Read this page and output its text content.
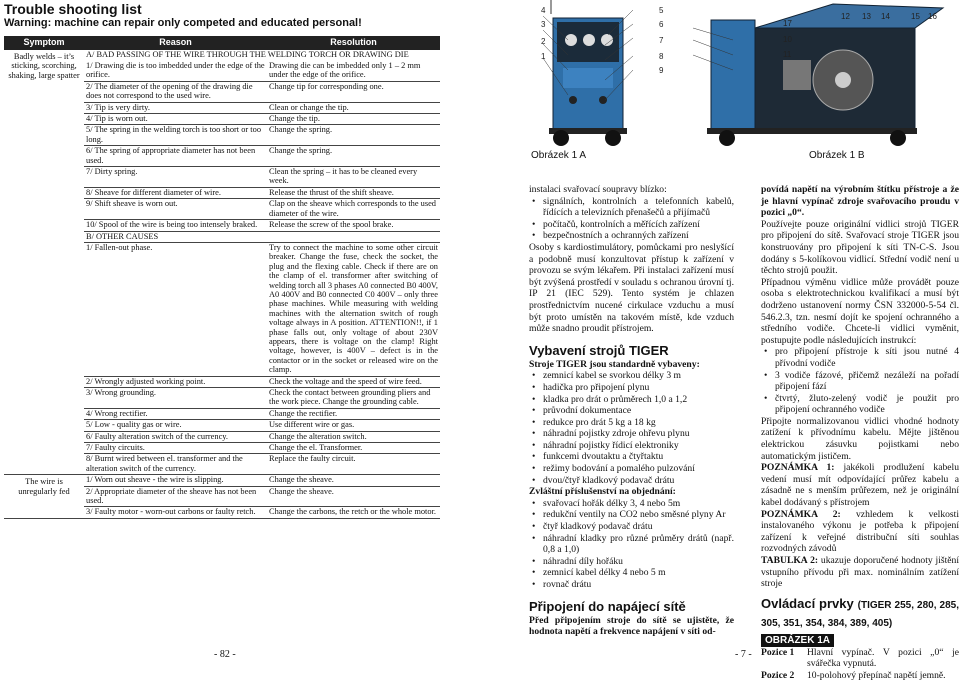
Trouble shooting list
Warning: machine can repair only competed and educated personal!
Symptom	Reason	Resolution
Badly welds – it’s sticking, scorching, shaking, large spatter	A/ BAD PASSING OF THE WIRE THROUGH THE WELDING TORCH OR DRAWING DIE
	1/ Drawing die is too imbedded under the edge of the orifice.	Drawing die can be imbedded only 1 – 2 mm under the edge of the orifice.
	2/ The diameter of the opening of the drawing die does not correspond to the used wire.	Change tip for corresponding one.
	3/ Tip is very dirty.	Clean or change the tip.
	4/ Tip is worn out.	Change the tip.
	5/ The spring in the welding torch is too short or too long.	Change the spring.
	6/ The spring of appropriate diameter has not been used.	Change the spring.
	7/ Dirty spring.	Clean the spring – it has to be cleaned every week.
	8/ Sheave for different diameter of wire.	Release the thrust of the shift sheave.
	9/ Shift sheave is worn out.	Clap on the sheave which corresponds to the used diameter of the wire.
	10/ Spool of the wire is being too intensely braked.	Release the screw of the spool brake.
	B/ OTHER CAUSES
	1/ Fallen-out phase.	Try to connect the machine to some other circuit breaker. Change the fuse, check the socket, the plug and the flexing cable. Check if there are on the clamp of el. transformer after switching of welding torch all 3 phases A0 connected B0 400V, A0 400V and B0 connected C0 400V – only three phase machines. While measuring with welding machines with the alternation switch of rough voltage always in A position. ATTENTION!!, if 1 phase falls out, only voltage of about 230V appears, there is voltage on the clamp! Right voltage, however, is 400V – defect is in the contactor or in the socket or released wire on the clamp.
	2/ Wrongly adjusted working point.	Check the voltage and the speed of wire feed.
	3/ Wrong grounding.	Check the contact between grounding pliers and the work piece. Change the grounding cable.
	4/ Wrong rectifier.	Change the rectifier.
	5/ Low - quality gas or wire.	Use different wire or gas.
	6/ Faulty alteration switch of the currency.	Change the alteration switch.
	7/ Faulty circuits.	Change the el. Transformer.
	8/ Burnt wired between el. transformer and the alteration switch of the currency.	Replace the faulty circuit.
The wire is unregularly fed	1/ Worn out sheave - the wire is slipping.	Change the sheave.
	2/ Appropriate diameter of the sheave has not been used.	Change the sheave.
	3/ Faulty motor - worn-out carbons or faulty retch.	Change the carbons, the retch or the whole motor.
- 82 -
4
3
2
1
5
6
7
8
9
Obrázek 1 A
17
10
11
12 13 14	15 16
Obrázek 1 B

instalaci svařovací soupravy blízko:

• signálních, kontrolních a telefonních kabelů, řídících a televizních přenašečů a přijímačů
• počítačů, kontrolních a měřících zařízení
• bezpečnostních a ochranných zařízení

Osoby s kardiostimulátory, pomůckami pro neslyšící a podobně musí konzultovat přístup k zařízení v provozu se svým lékařem. Při instalaci zařízení musí být zvýšená prostředí v souladu s ochranou úrovní tj. IP 21 (IEC 529). Tento systém je chlazen prostřednictvím nucené cirkulace vzduchu a musí být proto umístěn na takovém místě, kde vzduch může snadno proudit přístrojem.

Vybavení strojů TIGER

Stroje TIGER jsou standardně vybaveny:

• zemnicí kabel se svorkou délky 3 m
• hadička pro připojení plynu
• kladka pro drát o průměrech 1,0 a 1,2
• průvodní dokumentace
• redukce pro drát 5 kg a 18 kg
• náhradní pojistky zdroje ohřevu plynu
• náhradní pojistky řídicí elektroniky
• funkcemi dvoutaktu a čtyřtaktu
• režimy bodování a pomalého pulzování
• dvou/čtyř kladkový podavač drátu

Zvláštní příslušenství na objednání:

• svařovací hořák délky 3, 4 nebo 5m
• redukční ventily na CO2 nebo směsné plyny Ar
• čtyř kladkový podavač drátu
• náhradní kladky pro různé průměry drátů (např. 0,8 a 1,0)
• náhradní díly hořáku
• zemnicí kabel délky 4 nebo 5 m
• rovnač drátu
Připojení do napájecí sítě

Před připojením stroje do sítě se ujistěte, že hodnota napětí a frekvence napájení v síti od-

povídá napětí na výrobním štítku přístroje a že je hlavní vypínač zdroje svařovacího proudu v pozici „0“.

Používejte pouze originální vidlici strojů TIGER pro připojení do sítě. Svařovací stroje TIGER jsou konstruovány pro připojení k síti TN-C-S. Jsou dodány s 5-kolíkovou vidlicí. Střední vodič není u těchto strojů použit.

Případnou výměnu vidlice může provádět pouze osoba s elektrotechnickou kvalifikací a musí být dodrženo ustanovení normy ČSN 332000-5-54 čl. 546.2.3, tzn. nesmí dojít ke spojení ochranného a středního vodiče. Chcete-li vidlici vyměnit, postupujte podle následujících instrukcí:

• pro připojení přístroje k síti jsou nutné 4 přívodní vodiče
• 3 vodiče fázové, přičemž nezáleží na pořadí připojení fází
• čtvrtý, žluto-zelený vodič je použit pro připojení ochranného vodiče

Připojte normalizovanou vidlici vhodné hodnoty zatížení k přívodnímu kabelu. Mějte jištěnou elektrickou zásuvku pojistkami nebo automatickým jističem.

POZNÁMKA 1: jakékoli prodlužení kabelu vedení musí mít odpovídající průřez kabelu a zásadně ne s menším průřezem, než je originální kabel dodávaný s přístrojem

POZNÁMKA 2: vzhledem k velkosti instalovaného výkonu je potřeba k připojení zařízení k veřejné distribuční síti souhlas rozvodných závodů

TABULKA 2: ukazuje doporučené hodnoty jištění vstupního přívodu při max. nominálním zatížení stroje

Ovládací prvky (TIGER 255, 280, 285, 305, 351, 354, 384, 389, 405)
OBRÁZEK 1A
Pozice 1	Hlavní vypínač. V pozici „0“ je svářečka vypnutá.
Pozice 2	10-polohový přepínač napětí jemně.
- 7 -
